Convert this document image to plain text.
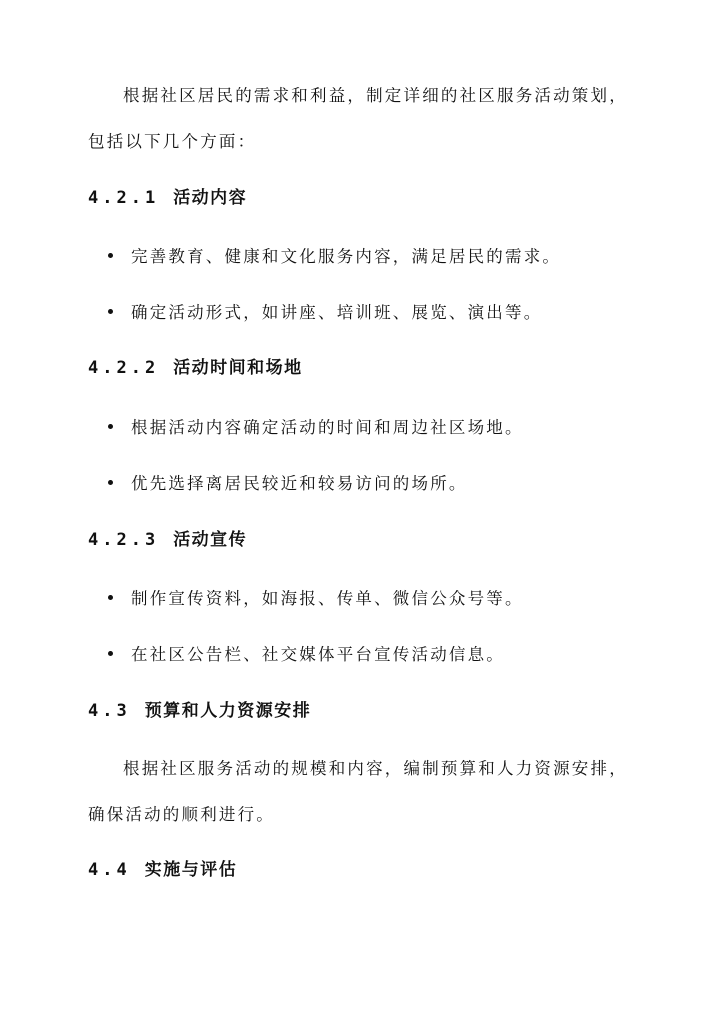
根据社区居民的需求和利益，制定详细的社区服务活动策划，
包括以下几个方面：
4.2.1 活动内容
完善教育、健康和文化服务内容，满足居民的需求。
确定活动形式，如讲座、培训班、展览、演出等。
4.2.2 活动时间和场地
根据活动内容确定活动的时间和周边社区场地。
优先选择离居民较近和较易访问的场所。
4.2.3 活动宣传
制作宣传资料，如海报、传单、微信公众号等。
在社区公告栏、社交媒体平台宣传活动信息。
4.3 预算和人力资源安排
根据社区服务活动的规模和内容，编制预算和人力资源安排，
确保活动的顺利进行。
4.4 实施与评估
